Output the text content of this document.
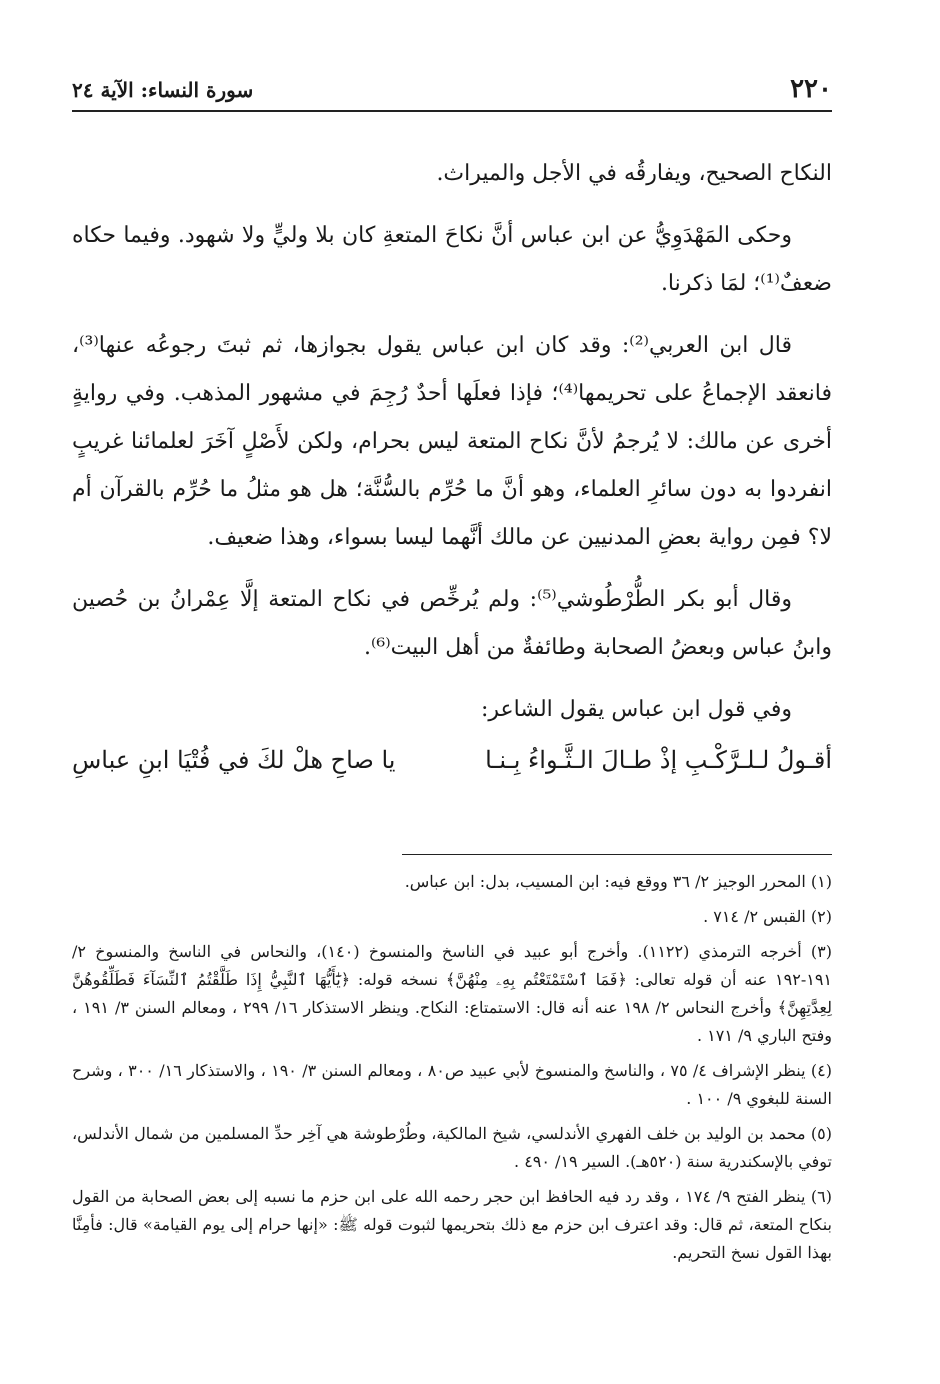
٢٢٠
سورة النساء: الآية ٢٤

النكاح الصحيح، ويفارقُه في الأجل والميراث.

وحكى المَهْدَوِيُّ عن ابن عباس أنَّ نكاحَ المتعةِ كان بلا وليٍّ ولا شهود. وفيما حكاه ضعفٌ⁽¹⁾؛ لمَا ذكرنا.

قال ابن العربي⁽²⁾: وقد كان ابن عباس يقول بجوازها، ثم ثبتَ رجوعُه عنها⁽³⁾، فانعقد الإجماعُ على تحريمها⁽⁴⁾؛ فإذا فعلَها أحدٌ رُجِمَ في مشهور المذهب. وفي روايةٍ أخرى عن مالك: لا يُرجمُ لأنَّ نكاح المتعة ليس بحرام، ولكن لأَصْلٍ آخَرَ لعلمائنا غريبٍ انفردوا به دون سائرِ العلماء، وهو أنَّ ما حُرِّم بالسُّنَّة؛ هل هو مثلُ ما حُرِّم بالقرآن أم لا؟ فمِن رواية بعضِ المدنيين عن مالك أنَّهما ليسا بسواء، وهذا ضعيف.

وقال أبو بكر الطُّرْطُوشي⁽⁵⁾: ولم يُرخِّص في نكاح المتعة إلَّا عِمْرانُ بن حُصين وابنُ عباس وبعضُ الصحابة وطائفةٌ من أهل البيت⁽⁶⁾.

وفي قول ابن عباس يقول الشاعر:

أقـولُ لـلـرَّكْـبِ إذْ طـالَ الـثَّـواءُ بِـنـا
يا صاحِ هلْ لكَ في فُتْيَا ابنِ عباسِ

(١) المحرر الوجيز ٢/ ٣٦ ووقع فيه: ابن المسيب، بدل: ابن عباس.

(٢) القبس ٢/ ٧١٤ .

(٣) أخرجه الترمذي (١١٢٢). وأخرج أبو عبيد في الناسخ والمنسوخ (١٤٠)، والنحاس في الناسخ والمنسوخ ٢/ ١٩١-١٩٢ عنه أن قوله تعالى: ﴿فَمَا ٱسْتَمْتَعْتُم بِهِۦ مِنْهُنَّ﴾ نسخه قوله: ﴿يَٰٓأَيُّهَا ٱلنَّبِيُّ إِذَا طَلَّقْتُمُ ٱلنِّسَآءَ فَطَلِّقُوهُنَّ لِعِدَّتِهِنَّ﴾ وأخرج النحاس ٢/ ١٩٨ عنه أنه قال: الاستمتاع: النكاح. وينظر الاستذكار ١٦/ ٢٩٩ ، ومعالم السنن ٣/ ١٩١ ، وفتح الباري ٩/ ١٧١ .

(٤) ينظر الإشراف ٤/ ٧٥ ، والناسخ والمنسوخ لأبي عبيد ص٨٠ ، ومعالم السنن ٣/ ١٩٠ ، والاستذكار ١٦/ ٣٠٠ ، وشرح السنة للبغوي ٩/ ١٠٠ .

(٥) محمد بن الوليد بن خلف الفهري الأندلسي، شيخ المالكية، وطُرْطوشة هي آخِر حدِّ المسلمين من شمال الأندلس، توفي بالإسكندرية سنة (٥٢٠هـ). السير ١٩/ ٤٩٠ .

(٦) ينظر الفتح ٩/ ١٧٤ ، وقد رد فيه الحافظ ابن حجر رحمه الله على ابن حزم ما نسبه إلى بعض الصحابة من القول بنكاح المتعة، ثم قال: وقد اعترف ابن حزم مع ذلك بتحريمها لثبوت قوله ﷺ: «إنها حرام إلى يوم القيامة» قال: فأمِنَّا بهذا القول نسخ التحريم.
